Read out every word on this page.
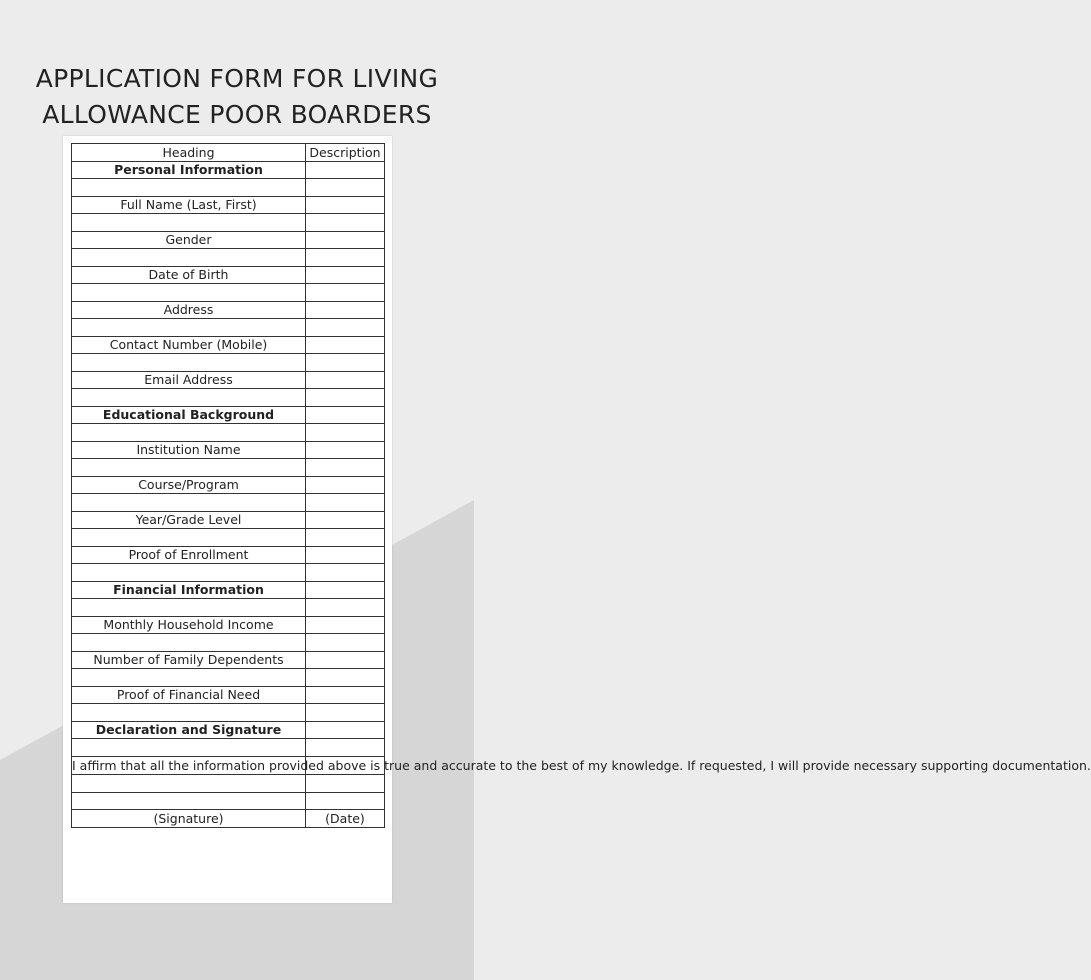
APPLICATION FORM FOR LIVING
ALLOWANCE POOR BOARDERS
Heading	Description
Personal Information	

Full Name (Last, First)	

Gender	

Date of Birth	

Address	

Contact Number (Mobile)	

Email Address	

Educational Background	

Institution Name	

Course/Program	

Year/Grade Level	

Proof of Enrollment	

Financial Information	

Monthly Household Income	

Number of Family Dependents	

Proof of Financial Need	

Declaration and Signature	

I affirm that all the information provided above is true and accurate to the best of my knowledge. If requested, I will provide necessary supporting documentation.	

(Signature)	(Date)
